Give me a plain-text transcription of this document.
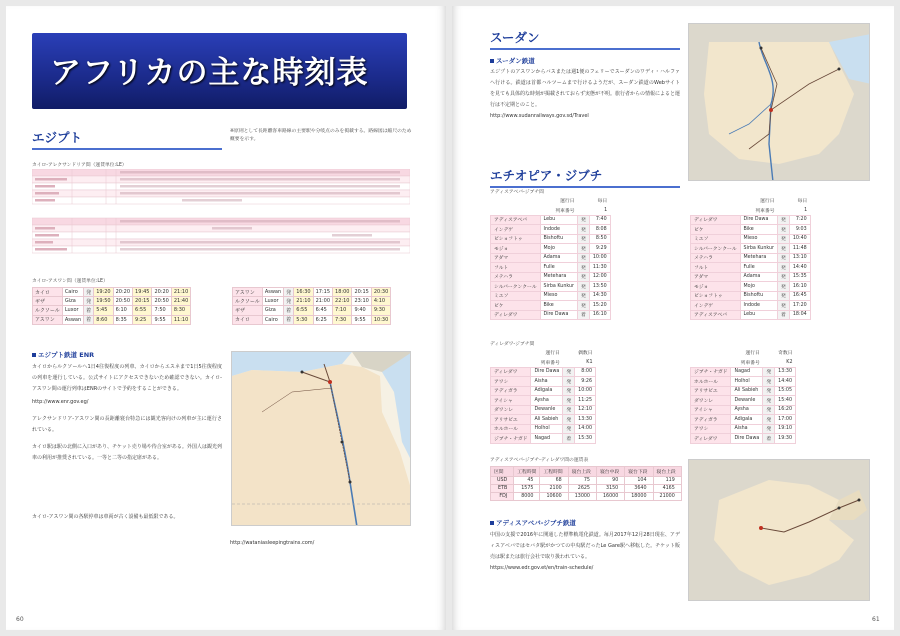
アフリカの主な時刻表
エジプト	※原則として長距離客車路線の主要駅や分岐点のみを掲載する。路線図は縮尺のため概要を示す。
カイロ-アレクサンドリア間（運賃単位:LE）
カイロ-アスワン間（運賃単位:LE）
カイロ	Cairo	発	19:20	20:20	19:45	20:20	21:10
ギザ	Giza	発	19:50	20:50	20:15	20:50	21:40
ルクソール	Luxor	着	5:45	6:10	6:55	7:50	8:30
アスワン	Aswan	着	8:60	8:35	9:25	9:55	11:10
アスワン	Aswan	発	16:30	17:15	18:00	20:15	20:30
ルクソール	Luxor	発	21:10	21:00	22:10	23:10	4:10
ギザ	Giza	着	6:55	6:45	7:10	9:40	9:30
カイロ	Cairo	着	5:30	6:25	7:30	9:55	10:30
エジプト鉄道 ENR
カイロからルクソールへ1日4往復程度の列車、カイロからエスネまで1日5往復程度の列車を運行している。公式サイトにアクセスできないため確認できない。カイロ-アスワン間の運行列車はENRのサイトで予約をすることができる。
http://www.enr.gov.eg/
アレクサンドリア-アスワン間の長距離寝台特急には観光客向けの列車が主に運行されている。
カイロ駅は駅の北側に入口があり、チケット売り場や待合室がある。外国人は観光列車の利用が推奨されている。一等と二等の指定席がある。
カイロ-アスワン間の各駅停車は車両が古く設備も最低限である。
http://wataniasleepingtrains.com/
60
スーダン
スーダン鉄道
エジプトのアスワンからバスまたは週1便のフェリーでスーダンのワディ・ハルファへ行ける。鉄道は首都ハルツームまで行けるようだが、スーダン鉄道のWebサイトを見ても具体的な時刻が掲載されておらず実態が不明。旅行者からの情報によると運行は不定期とのこと。
http://www.sudanrailways.gov.sd/Travel
エチオピア・ジブチ
アディスアベバ-ジブチ間
運行日		毎日	
列車番号		1	
アディスアベバ	Lebu	発	7:40
インデゲ	Indode	発	8:08
ビショフトゥ	Bishoftu	発	8:50
モジョ	Mojo	発	9:29
アダマ	Adama	発	10:00
フルト	Fulle	発	11:30
メテハラ	Metehara	発	12:00
シルバークンクール	Sirba Kunkur	発	13:50
ミエソ	Mieso	発	14:30
ビケ	Bike	発	15:20
ディレダワ	Dire Dawa	着	16:10
運行日		毎日	
列車番号		1	
ディレダワ	Dire Dawa	発	7:20
ビケ	Bike	発	9:03
ミエソ	Mieso	発	10:40
シルバークンクール	Sirba Kunkur	発	11:48
メテハラ	Metehara	発	13:10
フルト	Fulle	発	14:40
アダマ	Adama	発	15:35
モジョ	Mojo	発	16:10
ビショフトゥ	Bishoftu	発	16:45
インデゲ	Indode	発	17:20
アディスアベバ	Lebu	着	18:04
ディレダワ-ジブチ間
運行日		偶数日	
列車番号		K1	
ディレダワ	Dire Dawa	発	8:00
アワシ	Aisha	発	9:26
アディガラ	Adigala	発	10:00
アイシャ	Aysha	発	11:25
ダワンレ	Dewanle	発	12:10
アリサビエ	Ali Sabieh	発	13:30
ホルホール	Holhol	発	14:00
ジブチ・ナガド	Nagad	着	15:30
運行日		奇数日	
列車番号		K2	
ジブチ・ナガド	Nagad	発	13:30
ホルホール	Holhol	発	14:40
アリサビエ	Ali Sabieh	発	15:05
ダワンレ	Dewanle	発	15:40
アイシャ	Aysha	発	16:20
アディガラ	Adigala	発	17:00
アワシ	Aisha	発	19:10
ディレダワ	Dire Dawa	着	19:30
アディスアベバ-ジブチ-ディレダワ間の運賃表
区間	工程時間	工程時間	寝台上段	寝台中段	寝台下段	寝台上段
USD	45	68	75	90	104	119
ETB	1575	2100	2625	3150	3640	4165
FDJ	8000	10600	13000	16000	18000	21000
アディスアベバ-ジブチ鉄道
中国の支援で2016年に開通した標準軌電化鉄道。毎月2017年12月28日現在、アディスアベバではセバタ駅がかつての中央駅だったLe Gare駅へ移転した。チケット販売は駅または旅行会社で取り扱われている。
https://www.edr.gov.et/en/train-schedule/
61
